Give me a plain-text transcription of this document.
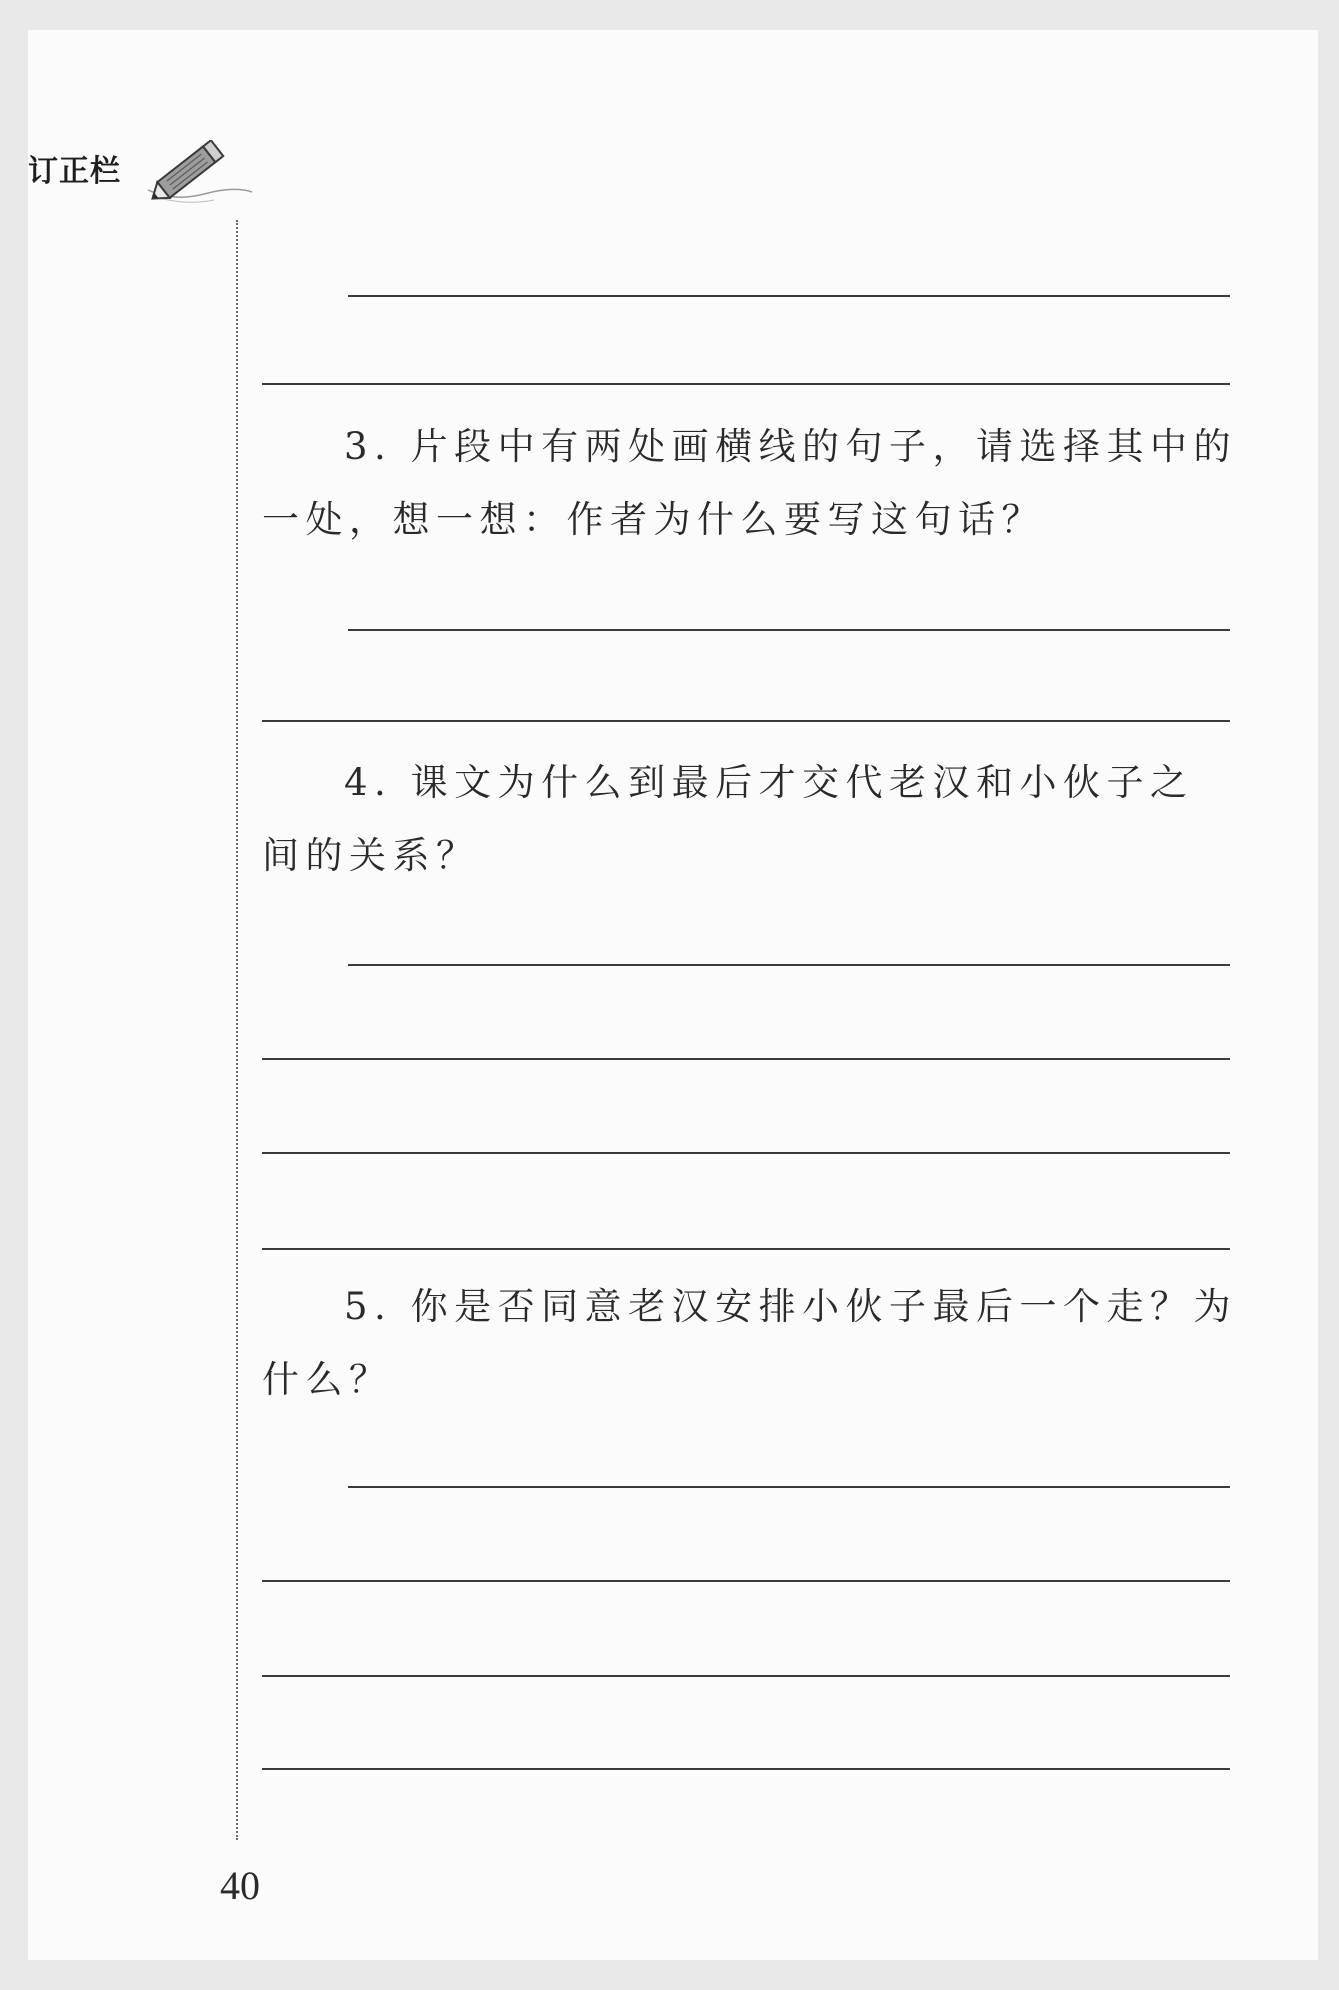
订正栏
3. 片段中有两处画横线的句子，请选择其中的
一处，想一想：作者为什么要写这句话？
4. 课文为什么到最后才交代老汉和小伙子之
间的关系？
5. 你是否同意老汉安排小伙子最后一个走？为
什么？
40
